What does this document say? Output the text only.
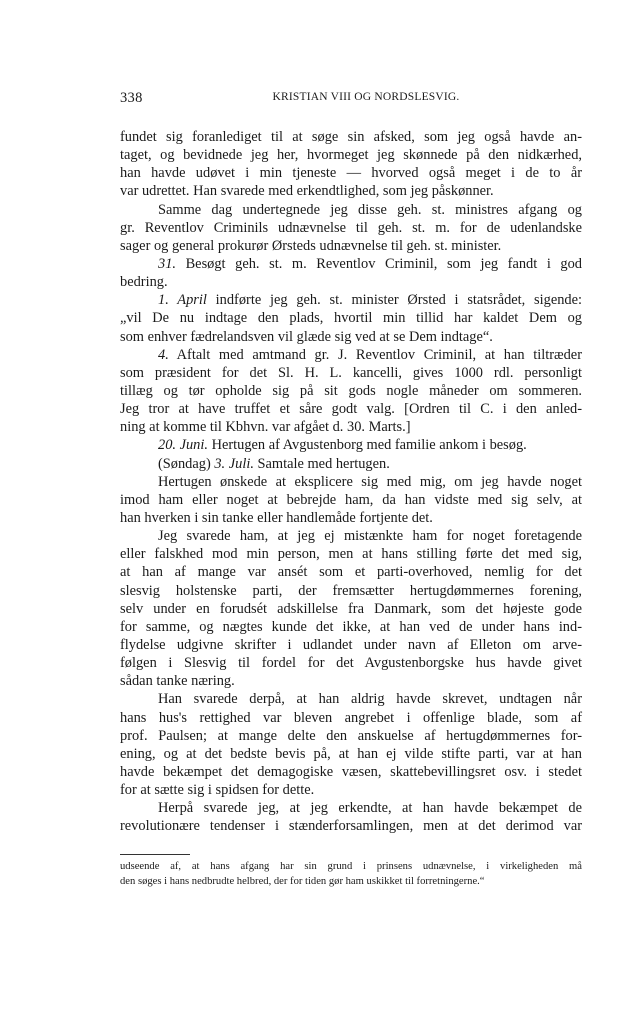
338	KRISTIAN VIII OG NORDSLESVIG.
fundet sig foranlediget til at søge sin afsked, som jeg også havde an-
taget, og bevidnede jeg her, hvormeget jeg skønnede på den nidkærhed,
han havde udøvet i min tjeneste — hvorved også meget i de to år
var udrettet. Han svarede med erkendtlighed, som jeg påskønner.
Samme dag undertegnede jeg disse geh. st. ministres afgang og
gr. Reventlov Criminils udnævnelse til geh. st. m. for de udenlandske
sager og general prokurør Ørsteds udnævnelse til geh. st. minister.
31. Besøgt geh. st. m. Reventlov Criminil, som jeg fandt i god
bedring.
1. April indførte jeg geh. st. minister Ørsted i statsrådet, sigende:
„vil De nu indtage den plads, hvortil min tillid har kaldet Dem og
som enhver fædrelandsven vil glæde sig ved at se Dem indtage“.
4. Aftalt med amtmand gr. J. Reventlov Criminil, at han tiltræder
som præsident for det Sl. H. L. kancelli, gives 1000 rdl. personligt
tillæg og tør opholde sig på sit gods nogle måneder om sommeren.
Jeg tror at have truffet et såre godt valg. [Ordren til C. i den anled-
ning at komme til Kbhvn. var afgået d. 30. Marts.]
20. Juni. Hertugen af Avgustenborg med familie ankom i besøg.
(Søndag) 3. Juli. Samtale med hertugen.
Hertugen ønskede at eksplicere sig med mig, om jeg havde noget
imod ham eller noget at bebrejde ham, da han vidste med sig selv, at
han hverken i sin tanke eller handlemåde fortjente det.
Jeg svarede ham, at jeg ej mistænkte ham for noget foretagende
eller falskhed mod min person, men at hans stilling førte det med sig,
at han af mange var ansét som et parti-overhoved, nemlig for det
slesvig holstenske parti, der fremsætter hertugdømmernes forening,
selv under en forudsét adskillelse fra Danmark, som det højeste gode
for samme, og nægtes kunde det ikke, at han ved de under hans ind-
flydelse udgivne skrifter i udlandet under navn af Elleton om arve-
følgen i Slesvig til fordel for det Avgustenborgske hus havde givet
sådan tanke næring.
Han svarede derpå, at han aldrig havde skrevet, undtagen når
hans hus's rettighed var bleven angrebet i offenlige blade, som af
prof. Paulsen; at mange delte den anskuelse af hertugdømmernes for-
ening, og at det bedste bevis på, at han ej vilde stifte parti, var at han
havde bekæmpet det demagogiske væsen, skattebevillingsret osv. i stedet
for at sætte sig i spidsen for dette.
Herpå svarede jeg, at jeg erkendte, at han havde bekæmpet de
revolutionære tendenser i stænderforsamlingen, men at det derimod var
udseende af, at hans afgang har sin grund i prinsens udnævnelse, i virkeligheden må
den søges i hans nedbrudte helbred, der for tiden gør ham uskikket til forretningerne.“
